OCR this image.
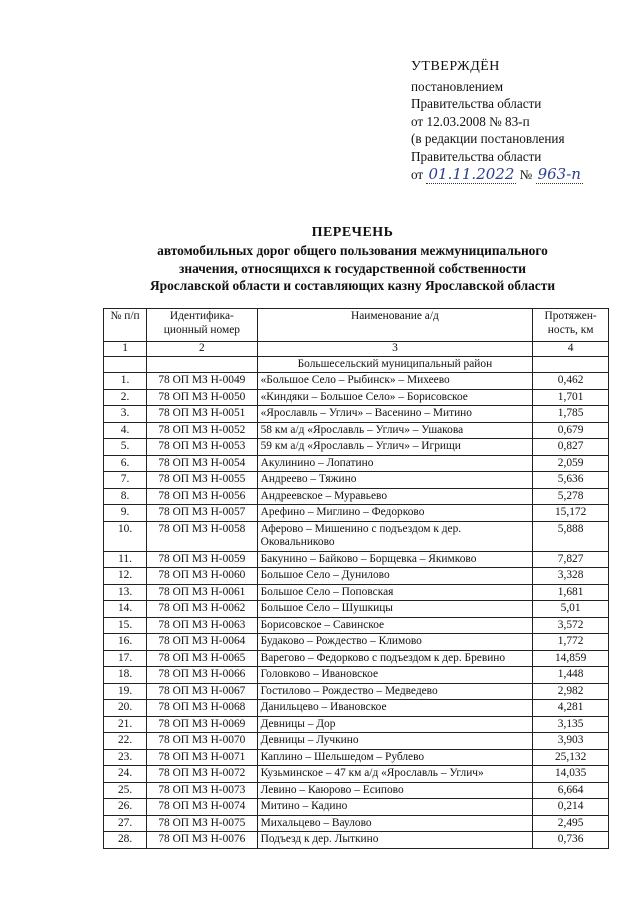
УТВЕРЖДЁН
постановлением
Правительства области
от 12.03.2008 № 83-п
(в редакции постановления
Правительства области
от 01.11.2022 № 963-п
ПЕРЕЧЕНЬ
автомобильных дорог общего пользования межмуниципального
значения, относящихся к государственной собственности
Ярославской области и составляющих казну Ярославской области
№ п/п	Идентифика-ционный номер	Наименование а/д	Протяжен-ность, км
1	2	3	4
		Большесельский муниципальный район	
1.	78 ОП МЗ Н-0049	«Большое Село – Рыбинск» – Михеево	0,462
2.	78 ОП МЗ Н-0050	«Киндяки – Большое Село» – Борисовское	1,701
3.	78 ОП МЗ Н-0051	«Ярославль – Углич» – Васенино – Митино	1,785
4.	78 ОП МЗ Н-0052	58 км а/д «Ярославль – Углич» – Ушакова	0,679
5.	78 ОП МЗ Н-0053	59 км а/д «Ярославль – Углич» – Игрищи	0,827
6.	78 ОП МЗ Н-0054	Акулинино – Лопатино	2,059
7.	78 ОП МЗ Н-0055	Андреево – Тяжино	5,636
8.	78 ОП МЗ Н-0056	Андреевское – Муравьево	5,278
9.	78 ОП МЗ Н-0057	Арефино – Миглино – Федорково	15,172
10.	78 ОП МЗ Н-0058	Аферово – Мишенино с подъездом к дер. Оковальниково	5,888
11.	78 ОП МЗ Н-0059	Бакунино – Байково – Борщевка – Якимково	7,827
12.	78 ОП МЗ Н-0060	Большое Село – Дунилово	3,328
13.	78 ОП МЗ Н-0061	Большое Село – Поповская	1,681
14.	78 ОП МЗ Н-0062	Большое Село – Шушкицы	5,01
15.	78 ОП МЗ Н-0063	Борисовское – Савинское	3,572
16.	78 ОП МЗ Н-0064	Будаково – Рождество – Климово	1,772
17.	78 ОП МЗ Н-0065	Варегово – Федорково с подъездом к дер. Бревино	14,859
18.	78 ОП МЗ Н-0066	Головково – Ивановское	1,448
19.	78 ОП МЗ Н-0067	Гостилово – Рождество – Медведево	2,982
20.	78 ОП МЗ Н-0068	Данильцево – Ивановское	4,281
21.	78 ОП МЗ Н-0069	Девницы – Дор	3,135
22.	78 ОП МЗ Н-0070	Девницы – Лучкино	3,903
23.	78 ОП МЗ Н-0071	Каплино – Шельшедом – Рублево	25,132
24.	78 ОП МЗ Н-0072	Кузьминское – 47 км а/д «Ярославль – Углич»	14,035
25.	78 ОП МЗ Н-0073	Левино – Каюрово – Есипово	6,664
26.	78 ОП МЗ Н-0074	Митино – Кадино	0,214
27.	78 ОП МЗ Н-0075	Михальцево – Ваулово	2,495
28.	78 ОП МЗ Н-0076	Подъезд к дер. Лыткино	0,736
